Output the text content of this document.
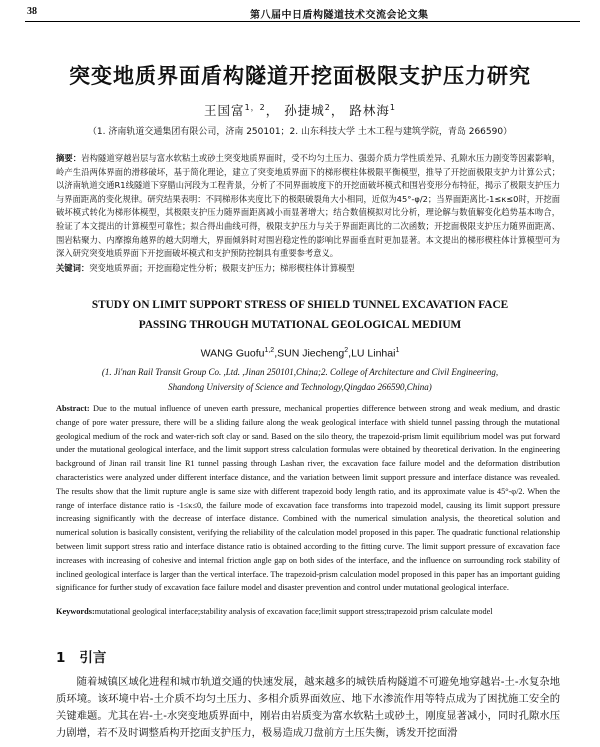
38	第八届中日盾构隧道技术交流会论文集
突变地质界面盾构隧道开挖面极限支护压力研究
王国富$^{1,2}$， 孙捷城$^2$， 路林海$^1$
（1. 济南轨道交通集团有限公司，济南 250101；2. 山东科技大学 土木工程与建筑学院，青岛 266590）

摘要：岩构隧道穿越岩层与富水软粘土或砂土突变地质界面时，受不均匀土压力、强弱介质力学性质差异、孔隙水压力剧变等因素影响，岭产生沿两体界面的滑移破坏，基于简化理论，建立了突变地质界面下的梯形楔柱体极限平衡模型，推导了开挖面极限支护力计算公式；以济南轨道交通R1线隧道下穿腊山河段为工程背景，分析了不同界面坡度下的开挖面破坏模式和围岩变形分布特征，揭示了极限支护压力与界面距离的变化规律。研究结果表明：不同梯形体夹度比下的极限破裂角大小相同，近似为45°-φ/2；当界面距离比-1≤κ≤0时，开挖面破坏模式转化为梯形体模型，其极限支护压力随界面距离减小而显著增大；结合数值模拟对比分析，理论解与数值解变化趋势基本吻合，验证了本文提出的计算模型可靠性；拟合得出曲线可得，极限支护压力与关于界面距离比的二次函数；开挖面极限支护压力随界面距离、围岩粘聚力、内摩擦角越界的越大阴增大，界面倾斜时对围岩稳定性的影响比界面垂直时更加显著。本文提出的梯形楔柱体计算模型可为深入研究突变地质界面下开挖面破坏模式和支护预防控制具有重要参考意义。

关键词：突变地质界面；开挖面稳定性分析；极限支护压力；梯形楔柱体计算模型

STUDY ON LIMIT SUPPORT STRESS OF SHIELD TUNNEL EXCAVATION FACE
PASSING THROUGH MUTATIONAL GEOLOGICAL MEDIUM
WANG Guofu$^{1,2}$,SUN Jiecheng$^2$,LU Linhai$^1$
(1. Ji'nan Rail Transit Group Co. ,Ltd. ,Jinan 250101,China;2. College of Architecture and Civil Engineering,
Shandong University of Science and Technology,Qingdao 266590,China)

Abstract: Due to the mutual influence of uneven earth pressure, mechanical properties difference between strong and weak medium, and drastic change of pore water pressure, there will be a sliding failure along the weak geological interface with shield tunnel passing through the mutational geological medium of the rock and water-rich soft clay or sand. Based on the silo theory, the trapezoid-prism limit equilibrium model was put forward under the mutational geological interface, and the limit support stress calculation formulas were obtained by theoretical derivation. In the engineering background of Jinan rail transit line R1 tunnel passing through Lashan river, the excavation face failure model and the deformation distribution characteristics were analyzed under different interface distance, and the variation between limit support pressure and interface distance was revealed. The results show that the limit rupture angle is same size with different trapezoid body length ratio, and its approximate value is 45°-φ/2. When the range of interface distance ratio is -1≤κ≤0, the failure mode of excavation face transforms into trapezoid model, causing its limit support pressure increasing significantly with the decrease of interface distance. Combined with the numerical simulation analysis, the theoretical solution and numerical solution is basically consistent, verifying the reliability of the calculation model proposed in this paper. The quadratic functional relationship between limit support stress ratio and interface distance ratio is obtained according to the fitting curve. The limit support pressure of excavation face increases with increasing of cohesive and internal friction angle gap on both sides of the interface, and the influence on surrounding rock stability of inclined geological interface is larger than the vertical interface. The trapezoid-prism calculation model proposed in this paper has an important guiding significance for further study of excavation face failure model and disaster prevention and control under mutational geological interface.

Keywords:mutational geological interface;stability analysis of excavation face;limit support stress;trapezoid prism calculate model

1 引言

随着城镇区域化进程和城市轨道交通的快速发展，越来越多的城铁盾构隧道不可避免地穿越岩-土-水复杂地质环境。该环境中岩-土介质不均匀土压力、多相介质界面效应、地下水渗流作用等特点成为了困扰施工安全的关键难题。尤其在岩-土-水突变地质界面中，刚岩由岩质变为富水软粘土或砂土，刚度显著减小，同时孔隙水压力剧增，若不及时调整盾构开挖面支护压力，极易造成刀盘前方土压失衡，诱发开挖面滑
